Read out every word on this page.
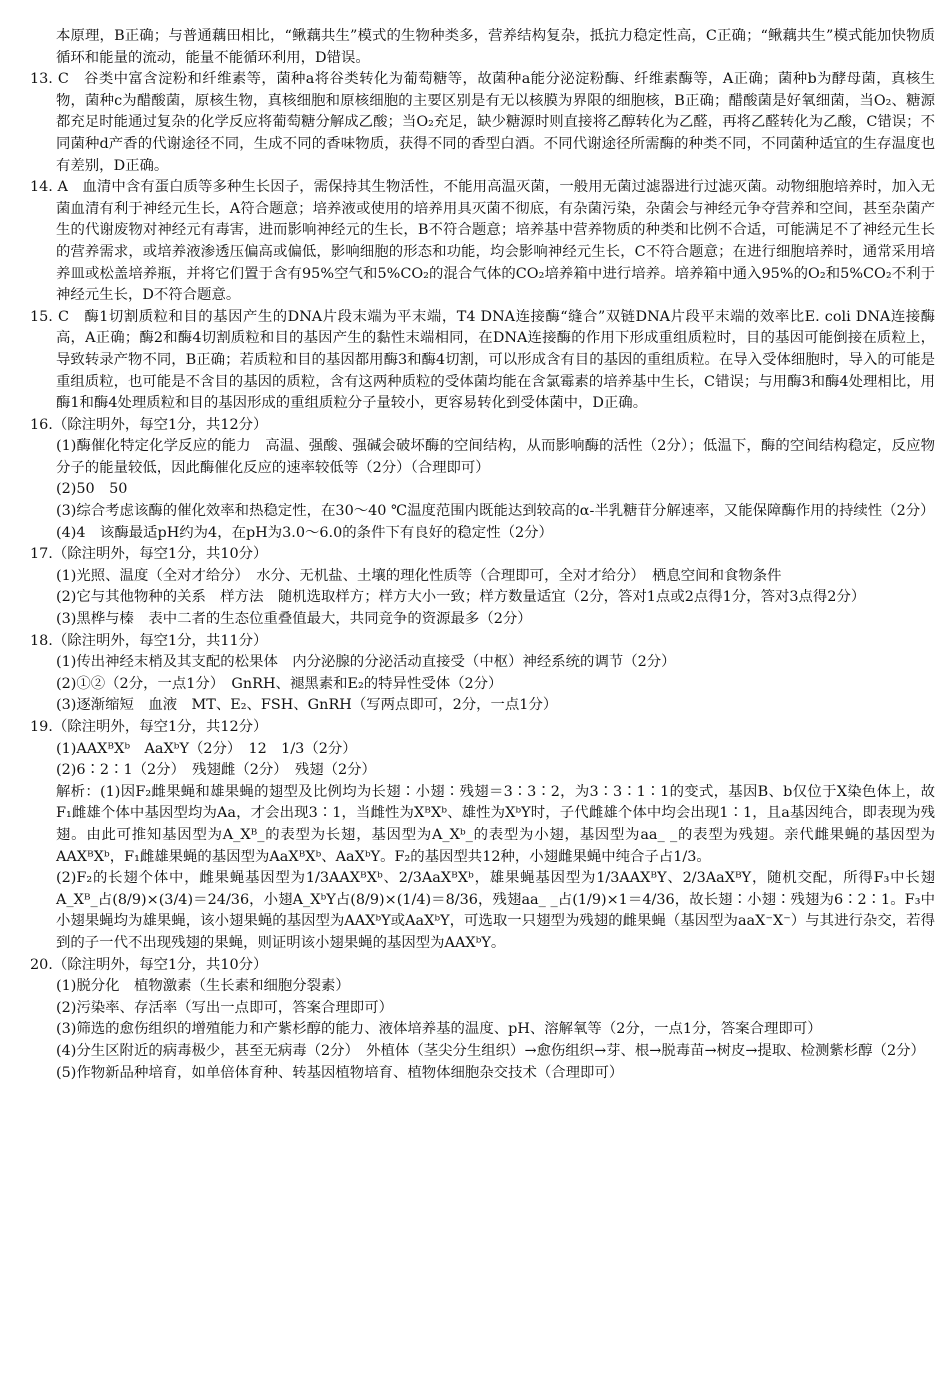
本原理，B正确；与普通藕田相比，“鳅藕共生”模式的生物种类多，营养结构复杂，抵抗力稳定性高，C正确；“鳅藕共生”模式能加快物质循环和能量的流动，能量不能循环利用，D错误。

13. C　谷类中富含淀粉和纤维素等，菌种a将谷类转化为葡萄糖等，故菌种a能分泌淀粉酶、纤维素酶等，A正确；菌种b为酵母菌，真核生物，菌种c为醋酸菌，原核生物，真核细胞和原核细胞的主要区别是有无以核膜为界限的细胞核，B正确；醋酸菌是好氧细菌，当O₂、糖源都充足时能通过复杂的化学反应将葡萄糖分解成乙酸；当O₂充足，缺少糖源时则直接将乙醇转化为乙醛，再将乙醛转化为乙酸，C错误；不同菌种d产香的代谢途径不同，生成不同的香味物质，获得不同的香型白酒。不同代谢途径所需酶的种类不同，不同菌种适宜的生存温度也有差别，D正确。

14. A　血清中含有蛋白质等多种生长因子，需保持其生物活性，不能用高温灭菌，一般用无菌过滤器进行过滤灭菌。动物细胞培养时，加入无菌血清有利于神经元生长，A符合题意；培养液或使用的培养用具灭菌不彻底，有杂菌污染，杂菌会与神经元争夺营养和空间，甚至杂菌产生的代谢废物对神经元有毒害，进而影响神经元的生长，B不符合题意；培养基中营养物质的种类和比例不合适，可能满足不了神经元生长的营养需求，或培养液渗透压偏高或偏低，影响细胞的形态和功能，均会影响神经元生长，C不符合题意；在进行细胞培养时，通常采用培养皿或松盖培养瓶，并将它们置于含有95%空气和5%CO₂的混合气体的CO₂培养箱中进行培养。培养箱中通入95%的O₂和5%CO₂不利于神经元生长，D不符合题意。

15. C　酶1切割质粒和目的基因产生的DNA片段末端为平末端，T4 DNA连接酶“缝合”双链DNA片段平末端的效率比E. coli DNA连接酶高，A正确；酶2和酶4切割质粒和目的基因产生的黏性末端相同，在DNA连接酶的作用下形成重组质粒时，目的基因可能倒接在质粒上，导致转录产物不同，B正确；若质粒和目的基因都用酶3和酶4切割，可以形成含有目的基因的重组质粒。在导入受体细胞时，导入的可能是重组质粒，也可能是不含目的基因的质粒，含有这两种质粒的受体菌均能在含氯霉素的培养基中生长，C错误；与用酶3和酶4处理相比，用酶1和酶4处理质粒和目的基因形成的重组质粒分子量较小，更容易转化到受体菌中，D正确。

16.（除注明外，每空1分，共12分）

(1)酶催化特定化学反应的能力　高温、强酸、强碱会破坏酶的空间结构，从而影响酶的活性（2分）；低温下，酶的空间结构稳定，反应物分子的能量较低，因此酶催化反应的速率较低等（2分）（合理即可）

(2)50　50

(3)综合考虑该酶的催化效率和热稳定性，在30～40 ℃温度范围内既能达到较高的α-半乳糖苷分解速率，又能保障酶作用的持续性（2分）

(4)4　该酶最适pH约为4，在pH为3.0～6.0的条件下有良好的稳定性（2分）

17.（除注明外，每空1分，共10分）

(1)光照、温度（全对才给分）　水分、无机盐、土壤的理化性质等（合理即可，全对才给分）　栖息空间和食物条件

(2)它与其他物种的关系　样方法　随机选取样方；样方大小一致；样方数量适宜（2分，答对1点或2点得1分，答对3点得2分）

(3)黑桦与榛　表中二者的生态位重叠值最大，共同竞争的资源最多（2分）

18.（除注明外，每空1分，共11分）

(1)传出神经末梢及其支配的松果体　内分泌腺的分泌活动直接受（中枢）神经系统的调节（2分）

(2)①②（2分，一点1分）　GnRH、褪黑素和E₂的特异性受体（2分）

(3)逐渐缩短　血液　MT、E₂、FSH、GnRH（写两点即可，2分，一点1分）

19.（除注明外，每空1分，共12分）

(1)AAXᴮXᵇ　AaXᵇY（2分）　12　1/3（2分）

(2)6∶2∶1（2分）　残翅雌（2分）　残翅（2分）

解析：(1)因F₂雌果蝇和雄果蝇的翅型及比例均为长翅∶小翅∶残翅＝3∶3∶2，为3∶3∶1∶1的变式，基因B、b仅位于X染色体上，故F₁雌雄个体中基因型均为Aa，才会出现3∶1，当雌性为XᴮXᵇ、雄性为XᵇY时，子代雌雄个体中均会出现1∶1，且a基因纯合，即表现为残翅。由此可推知基因型为A_Xᴮ_的表型为长翅，基因型为A_Xᵇ_的表型为小翅，基因型为aa_ _的表型为残翅。亲代雌果蝇的基因型为AAXᴮXᵇ，F₁雌雄果蝇的基因型为AaXᴮXᵇ、AaXᵇY。F₂的基因型共12种，小翅雌果蝇中纯合子占1/3。

(2)F₂的长翅个体中，雌果蝇基因型为1/3AAXᴮXᵇ、2/3AaXᴮXᵇ，雄果蝇基因型为1/3AAXᴮY、2/3AaXᴮY，随机交配，所得F₃中长翅A_Xᴮ_占(8/9)×(3/4)＝24/36，小翅A_XᵇY占(8/9)×(1/4)＝8/36，残翅aa_ _占(1/9)×1＝4/36，故长翅∶小翅∶残翅为6∶2∶1。F₃中小翅果蝇均为雄果蝇，该小翅果蝇的基因型为AAXᵇY或AaXᵇY，可选取一只翅型为残翅的雌果蝇（基因型为aaX⁻X⁻）与其进行杂交，若得到的子一代不出现残翅的果蝇，则证明该小翅果蝇的基因型为AAXᵇY。

20.（除注明外，每空1分，共10分）

(1)脱分化　植物激素（生长素和细胞分裂素）

(2)污染率、存活率（写出一点即可，答案合理即可）

(3)筛选的愈伤组织的增殖能力和产紫杉醇的能力、液体培养基的温度、pH、溶解氧等（2分，一点1分，答案合理即可）

(4)分生区附近的病毒极少，甚至无病毒（2分）　外植体（茎尖分生组织）→愈伤组织→芽、根→脱毒苗→树皮→提取、检测紫杉醇（2分）

(5)作物新品种培育，如单倍体育种、转基因植物培育、植物体细胞杂交技术（合理即可）
